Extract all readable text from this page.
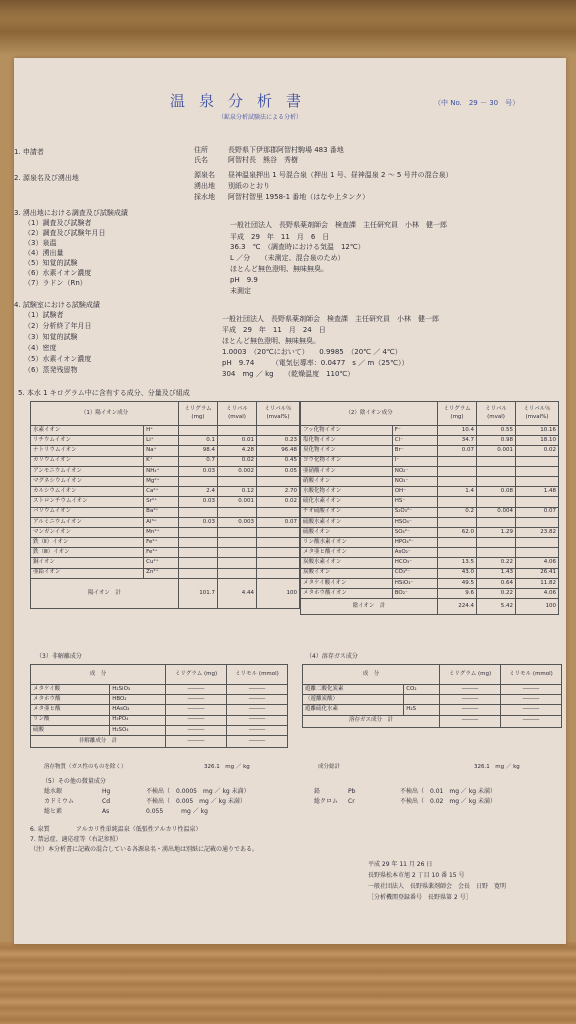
温泉分析書	（中 No.　29 － 30　号）
（鉱泉分析試験法による分析）
1. 申請者	住所	長野県下伊那郡阿智村駒場 483 番地
氏名	阿智村長　熊谷　秀樹
2. 源泉名及び湧出地	源泉名 昼神温泉押出 1 号混合泉（押出 1 号、昼神温泉 2 ～ 5 号井の混合泉）
湧出地 別紙のとおり
採水地 阿智村智里 1958-1 番地（はなや上タンク）
3. 湧出地における調査及び試験成績
（1）調査及び試験者	一般社団法人　長野県薬剤師会　検査課　主任研究員　小林　健一郎
（2）調査及び試験年月日	平成　29　年　11　月　6　日
（3）泉温	36.3　℃　（調査時における気温　12℃）
（4）湧出量
L ／分　　（未測定、混合泉のため）
（5）知覚的試験
ほとんど無色澄明、無味無臭。
（6）水素イオン濃度
pH　9.9
（7）ラドン（Rn）
未測定
4. 試験室における試験成績
（1）試験者	一般社団法人　長野県薬剤師会　検査課　主任研究員　小林　健一郎
（2）分析終了年月日	平成　29　年　11　月　24　日
（3）知覚的試験	ほとんど無色澄明、無味無臭。
（4）密度	1.0003　（20℃において）　　0.9985　（20℃ ／ 4℃）
（5）水素イオン濃度	pH　9.74　　　（電気伝導率：0.0477　s ／ m（25℃））
（6）蒸発残留物	304　mg ／ kg　　（乾燥温度　110℃）
5. 本水 1 キログラム中に含有する成分、分量及び組成
（1）陽イオン成分		ミリグラム (mg)	ミリバル (mval)	ミリバル％ (mval%)
水素イオン	H⁺			
リチウムイオン	Li⁺	0.1	0.01	0.23
ナトリウムイオン	Na⁺	98.4	4.28	96.48
カリウムイオン	K⁺	0.7	0.02	0.45
アンモニウムイオン	NH₄⁺	0.03	0.002	0.05
マグネシウムイオン	Mg²⁺			
カルシウムイオン	Ca²⁺	2.4	0.12	2.70
ストロンチウムイオン	Sr²⁺	0.03	0.001	0.02
バリウムイオン	Ba²⁺			
アルミニウムイオン	Al³⁺	0.03	0.003	0.07
マンガンイオン	Mn²⁺			
鉄（Ⅱ）イオン	Fe²⁺			
鉄（Ⅲ）イオン	Fe³⁺			
銅イオン	Cu²⁺			
亜鉛イオン	Zn²⁺			
陽イオン　計		101.7	4.44	100
（2）陰イオン成分		ミリグラム (mg)	ミリバル (mval)	ミリバル％ (mval%)
フッ化物イオン	F⁻	10.4	0.55	10.16
塩化物イオン	Cl⁻	34.7	0.98	18.10
臭化物イオン	Br⁻	0.07	0.001	0.02
ヨウ化物イオン	I⁻			
亜硝酸イオン	NO₂⁻			
硝酸イオン	NO₃⁻			
水酸化物イオン	OH⁻	1.4	0.08	1.48
硫化水素イオン	HS⁻			
チオ硫酸イオン	S₂O₃²⁻	0.2	0.004	0.07
硫酸水素イオン	HSO₄⁻			
硫酸イオン	SO₄²⁻	62.0	1.29	23.82
リン酸水素イオン	HPO₄²⁻			
メタ亜ヒ酸イオン	AsO₂⁻			
炭酸水素イオン	HCO₃⁻	13.5	0.22	4.06
炭酸イオン	CO₃²⁻	43.0	1.43	26.41
メタケイ酸イオン	HSiO₃⁻	49.5	0.64	11.82
メタホウ酸イオン	BO₂⁻	9.6	0.22	4.06
陰イオン　計		224.4	5.42	100
（3）非解離成分
成　分		ミリグラム (mg)	ミリモル (mmol)
メタケイ酸	H₂SiO₃	―――	―――
メタホウ酸	HBO₂	―――	―――
メタ亜ヒ酸	HAsO₂	―――	―――
リン酸	H₃PO₄	―――	―――
硫酸	H₂SO₄	―――	―――
非解離成分　計		―――	―――
溶存物質（ガス性のものを除く）	326.1　mg ／ kg
（4）溶存ガス成分
成　分		ミリグラム (mg)	ミリモル (mmol)
遊離二酸化炭素	CO₂	―――	―――
（遊離炭酸）		―――	―――
遊離硫化水素	H₂S	―――	―――
溶存ガス成分　計		―――	―――
成分総計	326.1　mg ／ kg
（5）その他の微量成分
総水銀	Hg	不検出（　0.0005　mg ／ kg 未満）	鉛	Pb	不検出（　0.01　mg ／ kg 未満）
カドミウム	Cd	不検出（　0.005　mg ／ kg 未満）	総クロム Cr	不検出（　0.02　mg ／ kg 未満）
総ヒ素	As	0.055　　　mg ／ kg
6. 泉質	アルカリ性単純温泉（低張性アルカリ性温泉）
7. 禁忌症、適応症等（右記参照）
（注）本分析書に記載の混合している各源泉名・湧出地は別紙に記載の通りである。
平成 29 年 11 月 26 日
長野県松本市旭 2 丁目 10 番 15 号
一般社団法人　長野県薬剤師会　会長　日野　寛明
［分析機関登録番号　長野県第 2 号］
